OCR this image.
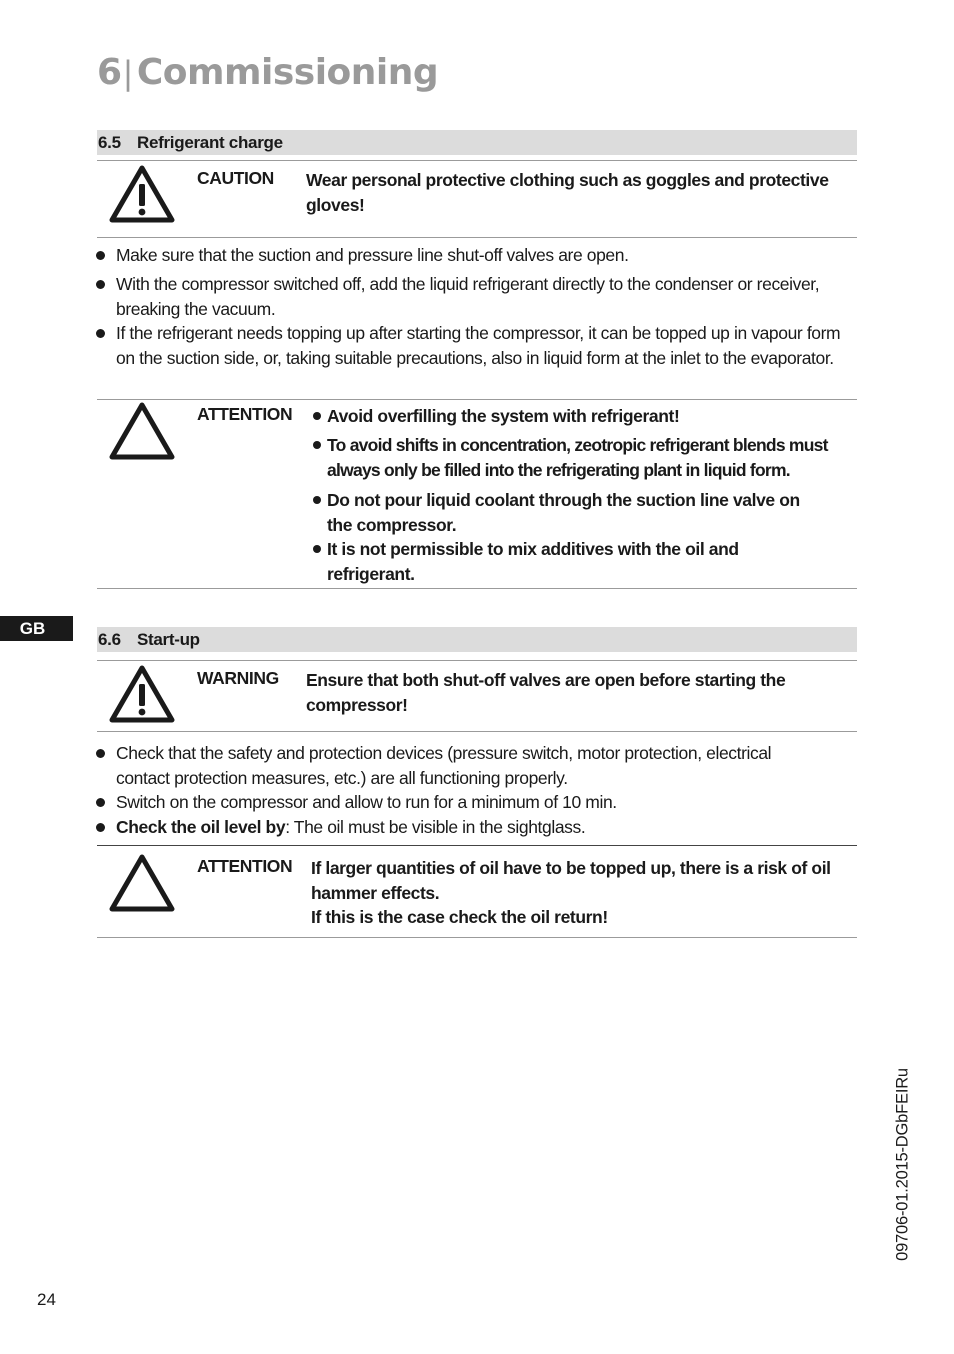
6| Commissioning
GB
6.5 Refrigerant charge
CAUTION Wear personal protective clothing such as goggles and protective gloves!
Make sure that the suction and pressure line shut-off valves are open.
With the compressor switched off, add the liquid refrigerant directly to the condenser or receiver, breaking the vacuum.
If the refrigerant needs topping up after starting the compressor, it can be topped up in vapour form on the suction side, or, taking suitable precautions, also in liquid form at the inlet to the evaporator.
ATTENTION Avoid overfilling the system with refrigerant!
To avoid shifts in concentration, zeotropic refrigerant blends must always only be filled into the refrigerating plant in liquid form.
Do not pour liquid coolant through the suction line valve on the compressor.
It is not permissible to mix additives with the oil and refrigerant.
6.6 Start-up
WARNING Ensure that both shut-off valves are open before starting the compressor!
Check that the safety and protection devices (pressure switch, motor protection, electrical contact protection measures, etc.) are all functioning properly.
Switch on the compressor and allow to run for a minimum of 10 min.
Check the oil level by: The oil must be visible in the sightglass.
ATTENTION If larger quantities of oil have to be topped up, there is a risk of oil hammer effects.
If this is the case check the oil return!
24
09706-01.2015-DGbFEIRu
